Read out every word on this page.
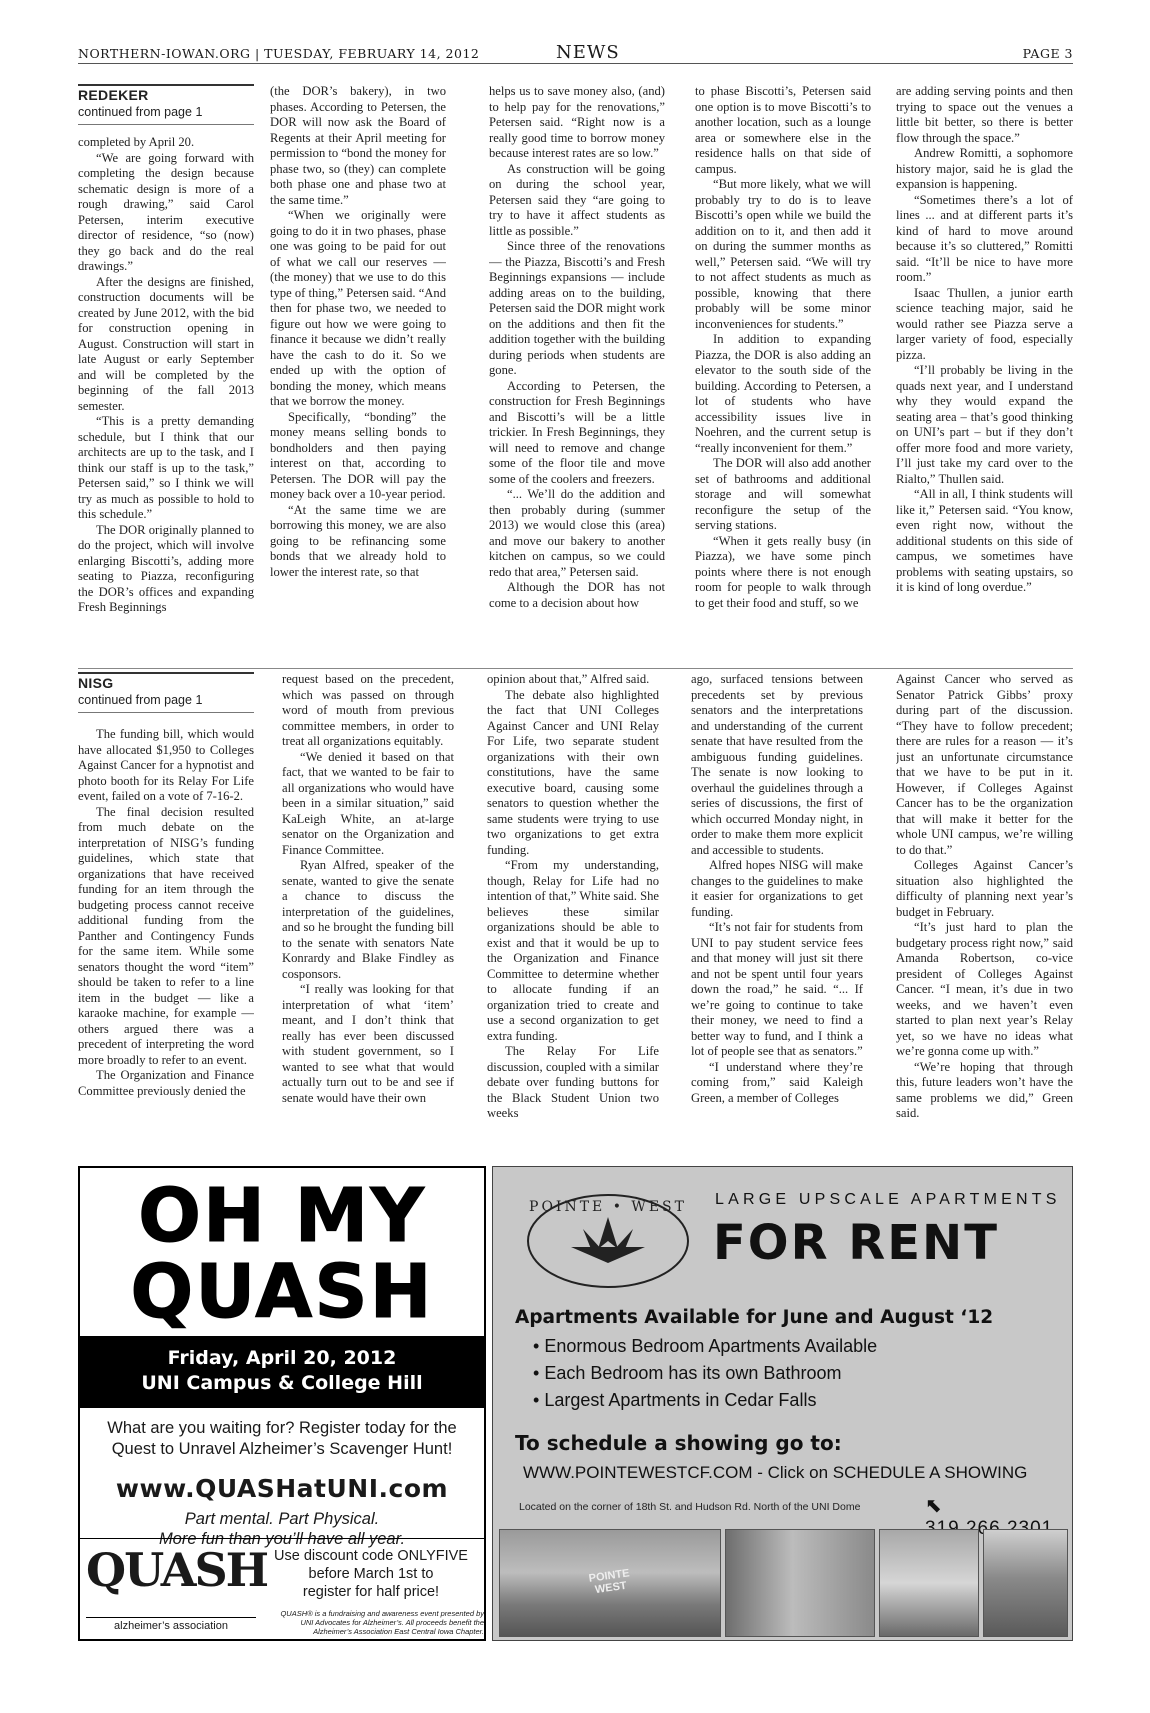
NORTHERN-IOWAN.ORG | TUESDAY, FEBRUARY 14, 2012	NEWS	PAGE 3
REDEKER
continued from page 1

completed by April 20.

“We are going forward with completing the design because schematic design is more of a rough drawing,” said Carol Petersen, interim executive director of residence, “so (now) they go back and do the real drawings.”

After the designs are finished, construction documents will be created by June 2012, with the bid for construction opening in August. Construction will start in late August or early September and will be completed by the beginning of the fall 2013 semester.

“This is a pretty demanding schedule, but I think that our architects are up to the task, and I think our staff is up to the task,” Petersen said,” so I think we will try as much as possible to hold to this schedule.”

The DOR originally planned to do the project, which will involve enlarging Biscotti’s, adding more seating to Piazza, reconfiguring the DOR’s offices and expanding Fresh Beginnings

(the DOR’s bakery), in two phases. According to Petersen, the DOR will now ask the Board of Regents at their April meeting for permission to “bond the money for phase two, so (they) can complete both phase one and phase two at the same time.”

“When we originally were going to do it in two phases, phase one was going to be paid for out of what we call our reserves — (the money) that we use to do this type of thing,” Petersen said. “And then for phase two, we needed to figure out how we were going to finance it because we didn’t really have the cash to do it. So we ended up with the option of bonding the money, which means that we borrow the money.

Specifically, “bonding” the money means selling bonds to bondholders and then paying interest on that, according to Petersen. The DOR will pay the money back over a 10-year period.

“At the same time we are borrowing this money, we are also going to be refinancing some bonds that we already hold to lower the interest rate, so that

helps us to save money also, (and) to help pay for the renovations,” Petersen said. “Right now is a really good time to borrow money because interest rates are so low.”

As construction will be going on during the school year, Petersen said they “are going to try to have it affect students as little as possible.”

Since three of the renovations — the Piazza, Biscotti’s and Fresh Beginnings expansions — include adding areas on to the building, Petersen said the DOR might work on the additions and then fit the addition together with the building during periods when students are gone.

According to Petersen, the construction for Fresh Beginnings and Biscotti’s will be a little trickier. In Fresh Beginnings, they will need to remove and change some of the floor tile and move some of the coolers and freezers.

“... We’ll do the addition and then probably during (summer 2013) we would close this (area) and move our bakery to another kitchen on campus, so we could redo that area,” Petersen said.

Although the DOR has not come to a decision about how

to phase Biscotti’s, Petersen said one option is to move Biscotti’s to another location, such as a lounge area or somewhere else in the residence halls on that side of campus.

“But more likely, what we will probably try to do is to leave Biscotti’s open while we build the addition on to it, and then add it on during the summer months as well,” Petersen said. “We will try to not affect students as much as possible, knowing that there probably will be some minor inconveniences for students.”

In addition to expanding Piazza, the DOR is also adding an elevator to the south side of the building. According to Petersen, a lot of students who have accessibility issues live in Noehren, and the current setup is “really inconvenient for them.”

The DOR will also add another set of bathrooms and additional storage and will somewhat reconfigure the setup of the serving stations.

“When it gets really busy (in Piazza), we have some pinch points where there is not enough room for people to walk through to get their food and stuff, so we

are adding serving points and then trying to space out the venues a little bit better, so there is better flow through the space.”

Andrew Romitti, a sophomore history major, said he is glad the expansion is happening.

“Sometimes there’s a lot of lines ... and at different parts it’s kind of hard to move around because it’s so cluttered,” Romitti said. “It’ll be nice to have more room.”

Isaac Thullen, a junior earth science teaching major, said he would rather see Piazza serve a larger variety of food, especially pizza.

“I’ll probably be living in the quads next year, and I understand why they would expand the seating area – that’s good thinking on UNI’s part – but if they don’t offer more food and more variety, I’ll just take my card over to the Rialto,” Thullen said.

“All in all, I think students will like it,” Petersen said. “You know, even right now, without the additional students on this side of campus, we sometimes have problems with seating upstairs, so it is kind of long overdue.”

NISG
continued from page 1

The funding bill, which would have allocated $1,950 to Colleges Against Cancer for a hypnotist and photo booth for its Relay For Life event, failed on a vote of 7-16-2.

The final decision resulted from much debate on the interpretation of NISG’s funding guidelines, which state that organizations that have received funding for an item through the budgeting process cannot receive additional funding from the Panther and Contingency Funds for the same item. While some senators thought the word “item” should be taken to refer to a line item in the budget — like a karaoke machine, for example — others argued there was a precedent of interpreting the word more broadly to refer to an event.

The Organization and Finance Committee previously denied the

request based on the precedent, which was passed on through word of mouth from previous committee members, in order to treat all organizations equitably.

“We denied it based on that fact, that we wanted to be fair to all organizations who would have been in a similar situation,” said KaLeigh White, an at-large senator on the Organization and Finance Committee.

Ryan Alfred, speaker of the senate, wanted to give the senate a chance to discuss the interpretation of the guidelines, and so he brought the funding bill to the senate with senators Nate Konrardy and Blake Findley as cosponsors.

“I really was looking for that interpretation of what ‘item’ meant, and I don’t think that really has ever been discussed with student government, so I wanted to see what that would actually turn out to be and see if senate would have their own

opinion about that,” Alfred said.

The debate also highlighted the fact that UNI Colleges Against Cancer and UNI Relay For Life, two separate student organizations with their own constitutions, have the same executive board, causing some senators to question whether the same students were trying to use two organizations to get extra funding.

“From my understanding, though, Relay for Life had no intention of that,” White said. She believes these similar organizations should be able to exist and that it would be up to the Organization and Finance Committee to determine whether to allocate funding if an organization tried to create and use a second organization to get extra funding.

The Relay For Life discussion, coupled with a similar debate over funding buttons for the Black Student Union two weeks

ago, surfaced tensions between precedents set by previous senators and the interpretations and understanding of the current senate that have resulted from the ambiguous funding guidelines. The senate is now looking to overhaul the guidelines through a series of discussions, the first of which occurred Monday night, in order to make them more explicit and accessible to students.

Alfred hopes NISG will make changes to the guidelines to make it easier for organizations to get funding.

“It’s not fair for students from UNI to pay student service fees and that money will just sit there and not be spent until four years down the road,” he said. “... If we’re going to continue to take their money, we need to find a better way to fund, and I think a lot of people see that as senators.”

“I understand where they’re coming from,” said Kaleigh Green, a member of Colleges

Against Cancer who served as Senator Patrick Gibbs’ proxy during part of the discussion. “They have to follow precedent; there are rules for a reason — it’s just an unfortunate circumstance that we have to be put in it. However, if Colleges Against Cancer has to be the organization that will make it better for the whole UNI campus, we’re willing to do that.”

Colleges Against Cancer’s situation also highlighted the difficulty of planning next year’s budget in February.

“It’s just hard to plan the budgetary process right now,” said Amanda Robertson, co-vice president of Colleges Against Cancer. “I mean, it’s due in two weeks, and we haven’t even started to plan next year’s Relay yet, so we have no ideas what we’re gonna come up with.”

“We’re hoping that through this, future leaders won’t have the same problems we did,” Green said.

OH MY
QUASH
Friday, April 20, 2012
UNI Campus & College Hill
What are you waiting for? Register today for the
Quest to Unravel Alzheimer’s Scavenger Hunt!
www.QUASHatUNI.com
Part mental. Part Physical.
More fun than you’ll have all year.
QUASH
alzheimer’s association
Use discount code ONLYFIVE
before March 1st to
register for half price!
QUASH® is a fundraising and awareness event presented by UNI Advocates for Alzheimer’s. All proceeds benefit the Alzheimer’s Association East Central Iowa Chapter.
POINTE • WEST LARGE UPSCALE APARTMENTS
FOR RENT
Apartments Available for June and August ‘12
• Enormous Bedroom Apartments Available
• Each Bedroom has its own Bathroom
• Largest Apartments in Cedar Falls
To schedule a showing go to:
WWW.POINTEWESTCF.COM - Click on SCHEDULE A SHOWING
Located on the corner of 18th St. and Hudson Rd. North of the UNI Dome	⬉
POINTE WEST
